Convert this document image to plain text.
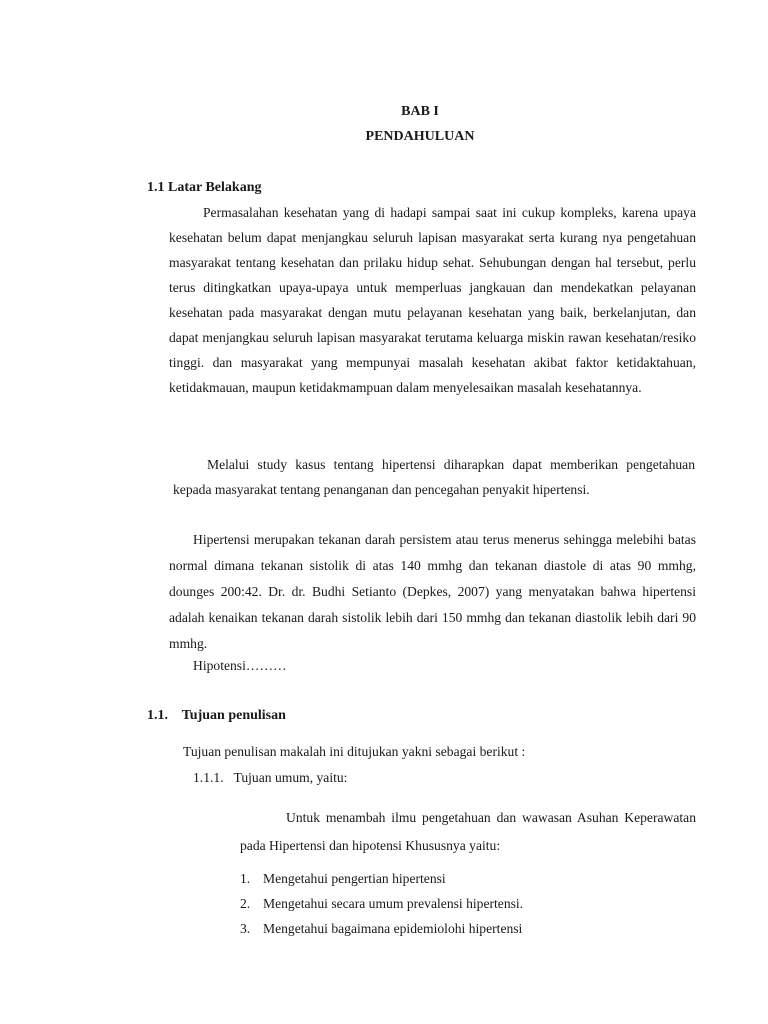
BAB I
PENDAHULUAN
1.1 Latar Belakang

Permasalahan kesehatan yang di hadapi sampai saat ini cukup kompleks, karena upaya kesehatan belum dapat menjangkau seluruh lapisan masyarakat serta kurang nya pengetahuan masyarakat tentang kesehatan dan prilaku hidup sehat. Sehubungan dengan hal tersebut, perlu terus ditingkatkan upaya-upaya untuk memperluas jangkauan dan mendekatkan pelayanan kesehatan pada masyarakat dengan mutu pelayanan kesehatan yang baik, berkelanjutan, dan dapat menjangkau seluruh lapisan masyarakat terutama keluarga miskin rawan kesehatan/resiko tinggi. dan masyarakat yang mempunyai masalah kesehatan akibat faktor ketidaktahuan, ketidakmauan, maupun ketidakmampuan dalam menyelesaikan masalah kesehatannya.

Melalui study kasus tentang hipertensi diharapkan dapat memberikan pengetahuan kepada masyarakat tentang penanganan dan pencegahan penyakit hipertensi.

Hipertensi merupakan tekanan darah persistem atau terus menerus sehingga melebihi batas normal dimana tekanan sistolik di atas 140 mmhg dan tekanan diastole di atas 90 mmhg, dounges 200:42. Dr. dr. Budhi Setianto (Depkes, 2007) yang menyatakan bahwa hipertensi adalah kenaikan tekanan darah sistolik lebih dari 150 mmhg dan tekanan diastolik lebih dari 90 mmhg.

Hipotensi………

1.1.    Tujuan penulisan
Tujuan penulisan makalah ini ditujukan yakni sebagai berikut :
1.1.1.   Tujuan umum, yaitu:

Untuk menambah ilmu pengetahuan dan wawasan Asuhan Keperawatan pada Hipertensi dan hipotensi Khususnya yaitu:

1. Mengetahui pengertian hipertensi
2. Mengetahui secara umum prevalensi hipertensi.
3. Mengetahui bagaimana epidemiolohi hipertensi
